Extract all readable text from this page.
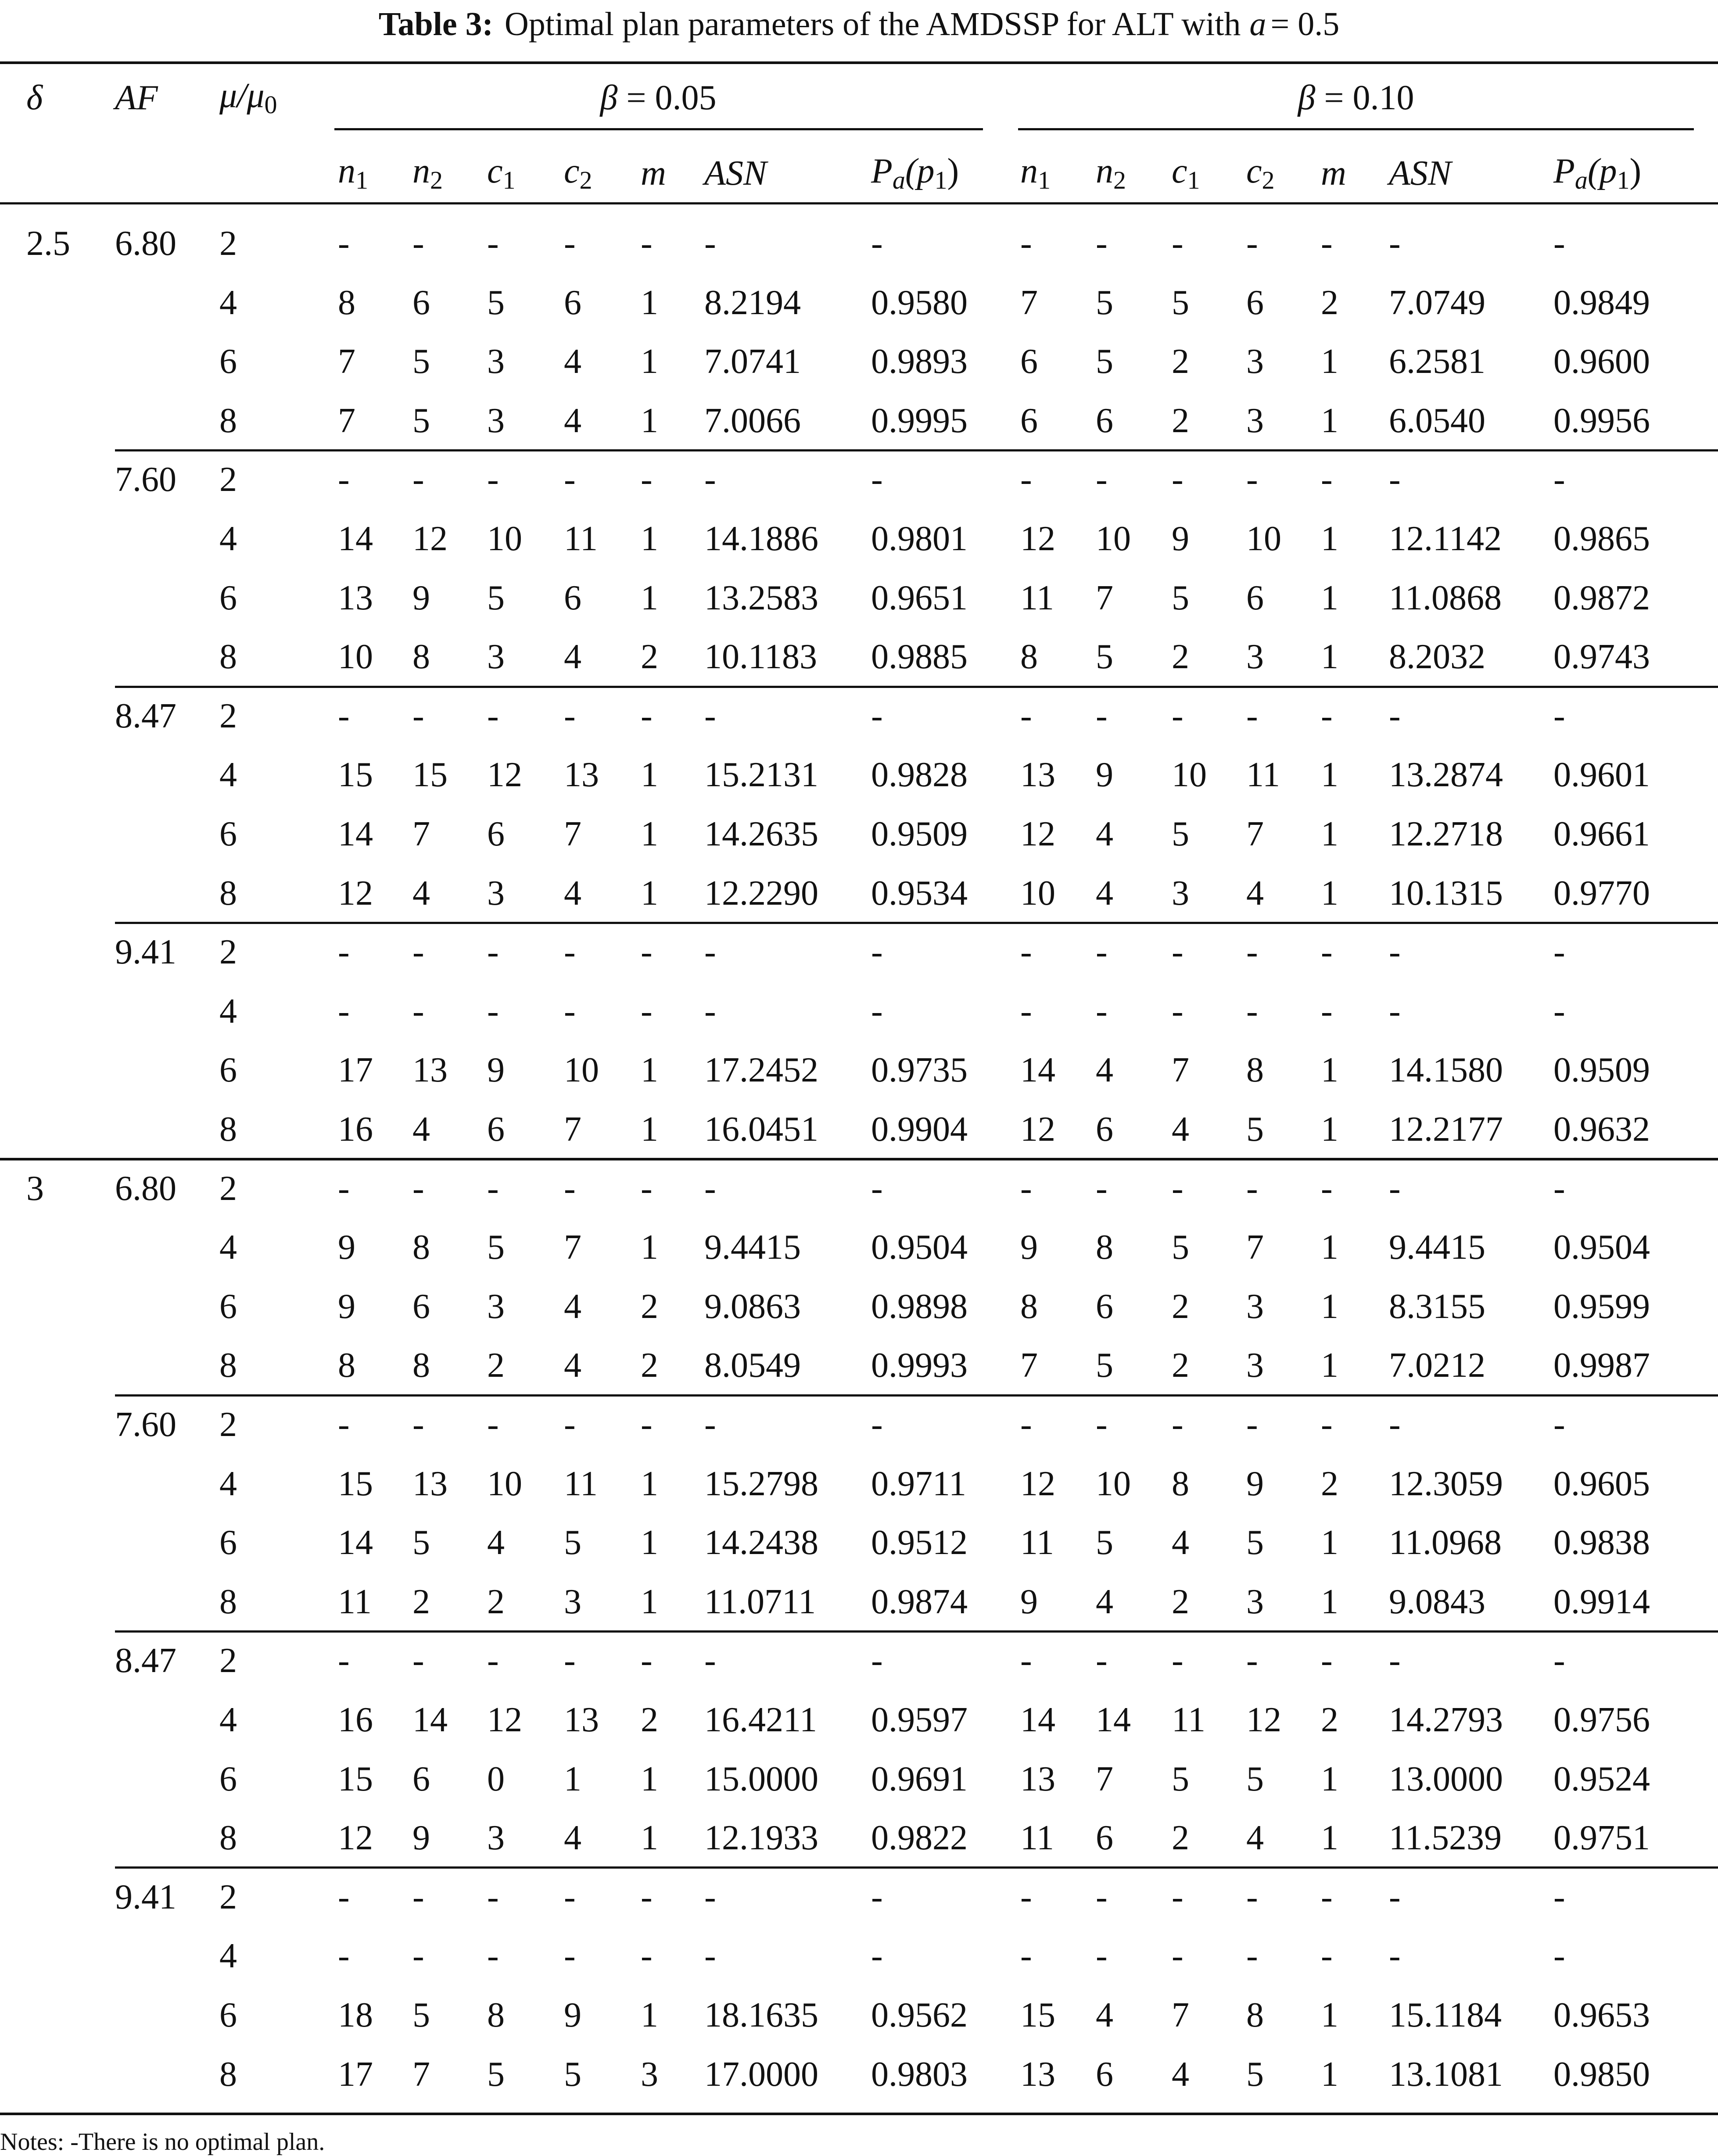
Table 3: Optimal plan parameters of the AMDSSP for ALT with a = 0.5
δ AF $\mu/\mu_0$	β = 0.05	β = 0.10
$n_1$ $n_2$ $c_1$ $c_2$ m ASN	$P_a(p_1)$ $n_1$ $n_2$ $c_1$ $c_2$ m ASN	$P_a(p_1)$
2.5 6.80 2	- - - - - -	-	- - - - - -	-
4	8 6 5 6 1 8.2194 0.9580 7 5 5 6 2 7.0749 0.9849
6	7 5 3 4 1 7.0741 0.9893 6 5 2 3 1 6.2581 0.9600
8	7 5 3 4 1 7.0066 0.9995 6 6 2 3 1 6.0540 0.9956
7.60 2	- - - - - -	-	- - - - - -	-
4	14 12 10 11 1 14.1886 0.9801 12 10 9 10 1 12.1142 0.9865
6	13 9 5 6 1 13.2583 0.9651 11 7 5 6 1 11.0868 0.9872
8	10 8 3 4 2 10.1183 0.9885 8 5 2 3 1 8.2032 0.9743
8.47 2	- - - - - -	-	- - - - - -	-
4	15 15 12 13 1 15.2131 0.9828 13 9 10 11 1 13.2874 0.9601
6	14 7 6 7 1 14.2635 0.9509 12 4 5 7 1 12.2718 0.9661
8	12 4 3 4 1 12.2290 0.9534 10 4 3 4 1 10.1315 0.9770
9.41 2	- - - - - -	-	- - - - - -	-
4	- - - - - -	-	- - - - - -	-
6	17 13 9 10 1 17.2452 0.9735 14 4 7 8 1 14.1580 0.9509
8	16 4 6 7 1 16.0451 0.9904 12 6 4 5 1 12.2177 0.9632
3 6.80 2	- - - - - -	-	- - - - - -	-
4	9 8 5 7 1 9.4415 0.9504 9 8 5 7 1 9.4415 0.9504
6	9 6 3 4 2 9.0863 0.9898 8 6 2 3 1 8.3155 0.9599
8	8 8 2 4 2 8.0549 0.9993 7 5 2 3 1 7.0212 0.9987
7.60 2	- - - - - -	-	- - - - - -	-
4	15 13 10 11 1 15.2798 0.9711 12 10 8 9 2 12.3059 0.9605
6	14 5 4 5 1 14.2438 0.9512 11 5 4 5 1 11.0968 0.9838
8	11 2 2 3 1 11.0711 0.9874 9 4 2 3 1 9.0843 0.9914
8.47 2	- - - - - -	-	- - - - - -	-
4	16 14 12 13 2 16.4211 0.9597 14 14 11 12 2 14.2793 0.9756
6	15 6 0 1 1 15.0000 0.9691 13 7 5 5 1 13.0000 0.9524
8	12 9 3 4 1 12.1933 0.9822 11 6 2 4 1 11.5239 0.9751
9.41 2	- - - - - -	-	- - - - - -	-
4	- - - - - -	-	- - - - - -	-
6	18 5 8 9 1 18.1635 0.9562 15 4 7 8 1 15.1184 0.9653
8	17 7 5 5 3 17.0000 0.9803 13 6 4 5 1 13.1081 0.9850
Notes: -There is no optimal plan.
